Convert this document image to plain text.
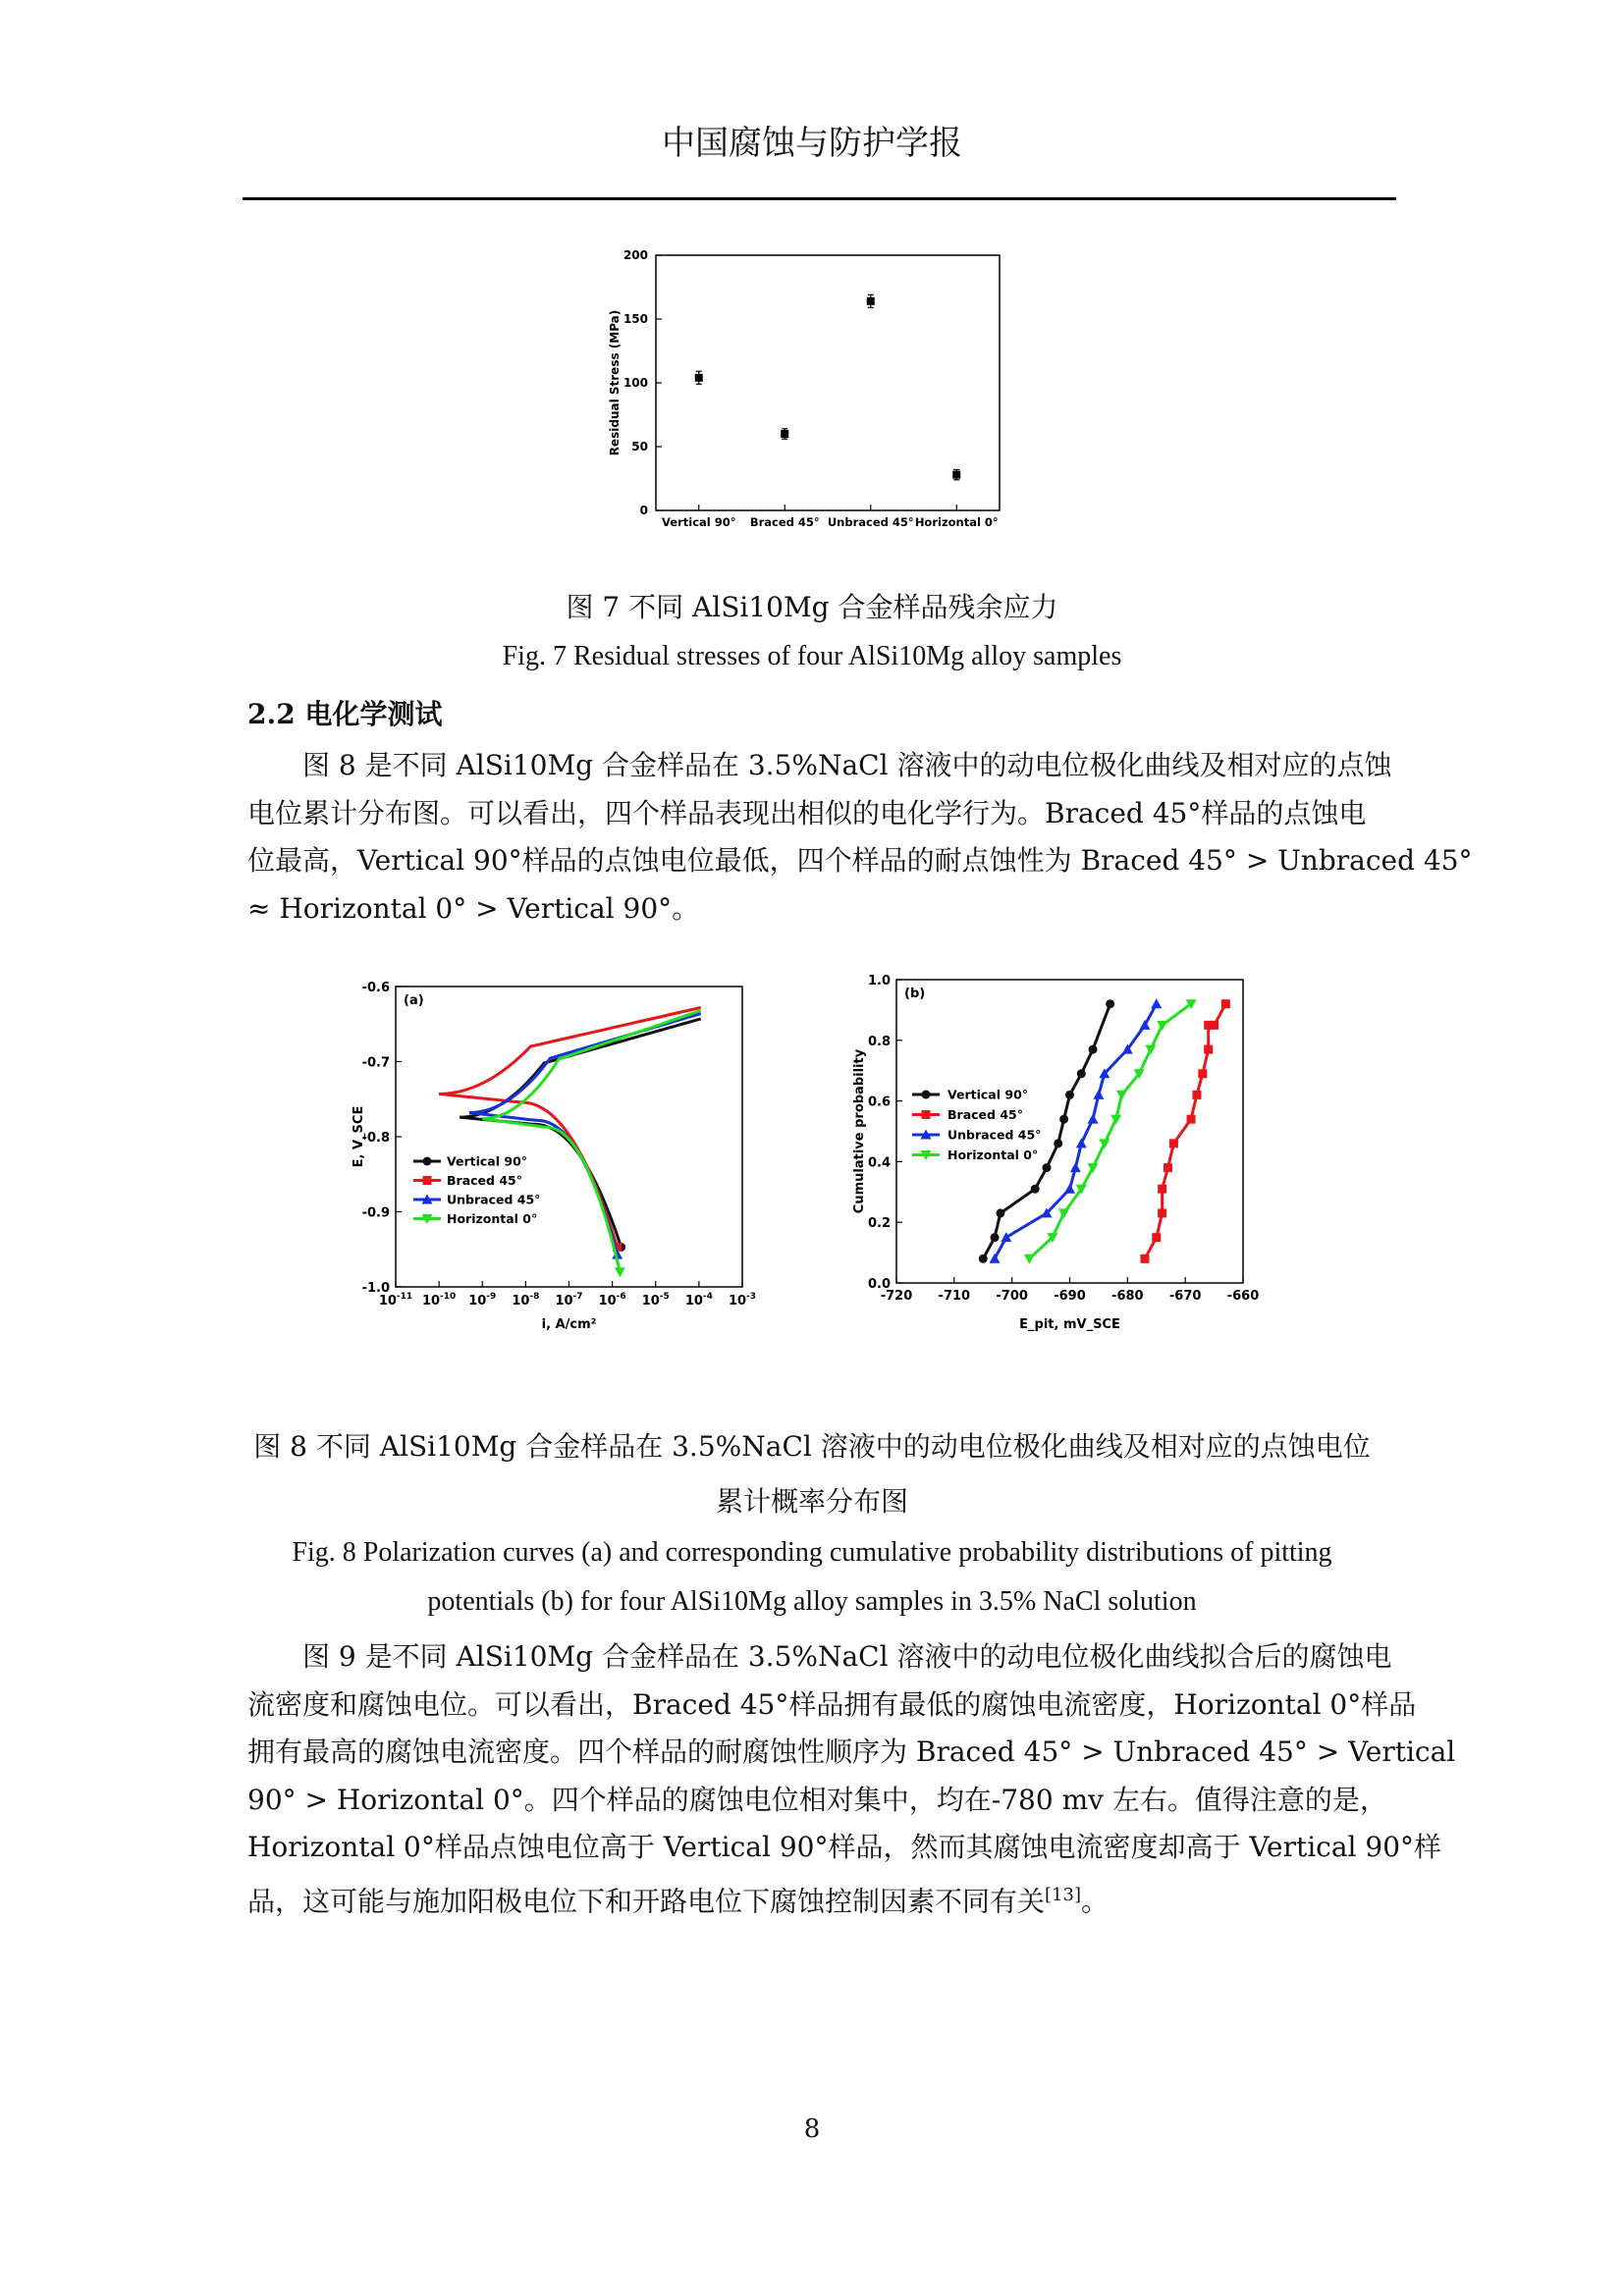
中国腐蚀与防护学报
0
50
100
150
200
Residual Stress (MPa)
Vertical 90° Braced 45° Unbraced 45° Horizontal 0°
图 7 不同 AlSi10Mg 合金样品残余应力
Fig. 7 Residual stresses of four AlSi10Mg alloy samples
2.2 电化学测试
图 8 是不同 AlSi10Mg 合金样品在 3.5%NaCl 溶液中的动电位极化曲线及相对应的点蚀
电位累计分布图。可以看出，四个样品表现出相似的电化学行为。Braced 45°样品的点蚀电
位最高，Vertical 90°样品的点蚀电位最低，四个样品的耐点蚀性为 Braced 45° > Unbraced 45°
≈ Horizontal 0° > Vertical 90°。
-0.6
-0.7
-0.8
-0.9
-1.0
$10^{-11}$ $10^{-10}$ $10^{-9}$ $10^{-8}$ $10^{-7}$ $10^{-6}$ $10^{-5}$ $10^{-4}$ $10^{-3}$
i, A/cm²
E, V_SCE
(a)
Vertical 90°
Braced 45°
Unbraced 45°
Horizontal 0°
0.0
0.2
0.4
0.6
0.8
1.0
-720 -710 -700 -690 -680 -670 -660
E_pit, mV_SCE
Cumulative probability
(b)
Vertical 90°
Braced 45°
Unbraced 45°
Horizontal 0°
图 8 不同 AlSi10Mg 合金样品在 3.5%NaCl 溶液中的动电位极化曲线及相对应的点蚀电位
累计概率分布图
Fig. 8 Polarization curves (a) and corresponding cumulative probability distributions of pitting
potentials (b) for four AlSi10Mg alloy samples in 3.5% NaCl solution
图 9 是不同 AlSi10Mg 合金样品在 3.5%NaCl 溶液中的动电位极化曲线拟合后的腐蚀电
流密度和腐蚀电位。可以看出，Braced 45°样品拥有最低的腐蚀电流密度，Horizontal 0°样品
拥有最高的腐蚀电流密度。四个样品的耐腐蚀性顺序为 Braced 45° > Unbraced 45° > Vertical
90° > Horizontal 0°。四个样品的腐蚀电位相对集中，均在-780 mv 左右。值得注意的是，
Horizontal 0°样品点蚀电位高于 Vertical 90°样品，然而其腐蚀电流密度却高于 Vertical 90°样
品，这可能与施加阳极电位下和开路电位下腐蚀控制因素不同有关[13]。
8
